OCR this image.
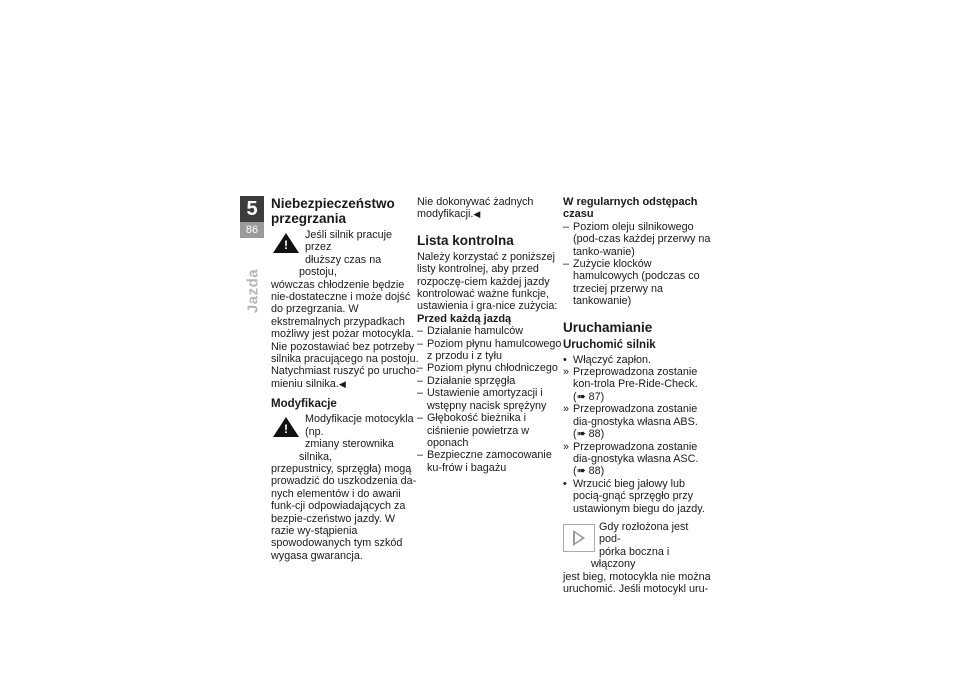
5
86
Jazda
Niebezpieczeństwo przegrzania
!

Jeśli silnik pracuje przez

dłuższy czas na postoju,

wówczas chłodzenie będzie nie-dostateczne i może dojść do przegrzania. W ekstremalnych przypadkach możliwy jest pożar motocykla.

Nie pozostawiać bez potrzeby silnika pracującego na postoju. Natychmiast ruszyć po urucho-mieniu silnika.◀

Modyfikacje
!

Modyfikacje motocykla (np.

zmiany sterownika silnika,

przepustnicy, sprzęgła) mogą prowadzić do uszkodzenia da-nych elementów i do awarii funk-cji odpowiadających za bezpie-czeństwo jazdy. W razie wy-stąpienia spowodowanych tym szkód wygasa gwarancja.

Nie dokonywać żadnych modyfikacji.◀

Lista kontrolna

Należy korzystać z poniższej listy kontrolnej, aby przed rozpoczę-ciem każdej jazdy kontrolować ważne funkcje, ustawienia i gra-nice zużycia:

Przed każdą jazdą
– Działanie hamulców
– Poziom płynu hamulcowego z przodu i z tyłu
– Poziom płynu chłodniczego
– Działanie sprzęgła
– Ustawienie amortyzacji i wstępny nacisk sprężyny
– Głębokość bieżnika i ciśnienie powietrza w oponach
– Bezpieczne zamocowanie ku-frów i bagażu
W regularnych odstępach czasu
– Poziom oleju silnikowego (pod-czas każdej przerwy na tanko-wanie)
– Zużycie klocków hamulcowych (podczas co trzeciej przerwy na tankowanie)
Uruchamianie
Uruchomić silnik
• Włączyć zapłon.
» Przeprowadzona zostanie kon-trola Pre-Ride-Check. (➠ 87)
» Przeprowadzona zostanie dia-gnostyka własna ABS. (➠ 88)
» Przeprowadzona zostanie dia-gnostyka własna ASC. (➠ 88)
• Wrzucić bieg jałowy lub pocią-gnąć sprzęgło przy ustawionym biegu do jazdy.

Gdy rozłożona jest pod-

pórka boczna i włączony

jest bieg, motocykla nie można uruchomić. Jeśli motocykl uru-
